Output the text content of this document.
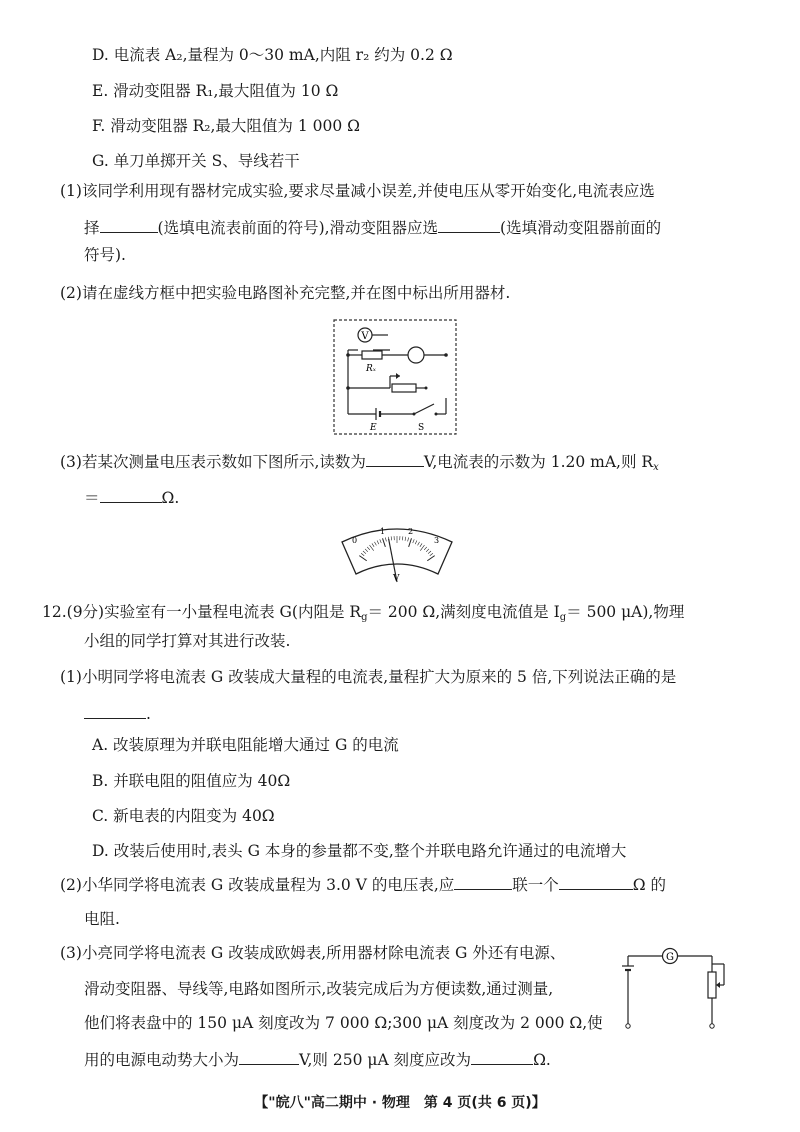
D. 电流表 A₂,量程为 0～30 mA,内阻 r₂ 约为 0.2 Ω
E. 滑动变阻器 R₁,最大阻值为 10 Ω
F. 滑动变阻器 R₂,最大阻值为 1 000 Ω
G. 单刀单掷开关 S、导线若干
(1)该同学利用现有器材完成实验,要求尽量减小误差,并使电压从零开始变化,电流表应选
择	(选填电流表前面的符号),滑动变阻器应选	(选填滑动变阻器前面的
符号).
(2)请在虚线方框中把实验电路图补充完整,并在图中标出所用器材.
V
Rₓ
E	S
(3)若某次测量电压表示数如下图所示,读数为	V,电流表的示数为 1.20 mA,则 $R_x$
＝	Ω.
0
1	2
3
V
12.(9分)实验室有一小量程电流表 G(内阻是 $R_g= 200$ Ω,满刻度电流值是 $I_g= 500$ μA),物理
小组的同学打算对其进行改装.
(1)小明同学将电流表 G 改装成大量程的电流表,量程扩大为原来的 5 倍,下列说法正确的是
.
A. 改装原理为并联电阻能增大通过 G 的电流
B. 并联电阻的阻值应为 40Ω
C. 新电表的内阻变为 40Ω
D. 改装后使用时,表头 G 本身的参量都不变,整个并联电路允许通过的电流增大
(2)小华同学将电流表 G 改装成量程为 3.0 V 的电压表,应	联一个	Ω 的
电阻.
(3)小亮同学将电流表 G 改装成欧姆表,所用器材除电流表 G 外还有电源、
滑动变阻器、导线等,电路如图所示,改装完成后为方便读数,通过测量,
他们将表盘中的 150 μA 刻度改为 7 000 Ω;300 μA 刻度改为 2 000 Ω,使
用的电源电动势大小为	V,则 250 μA 刻度应改为	Ω.
G
【"皖八"高二期中 · 物理　第 4 页(共 6 页)】
